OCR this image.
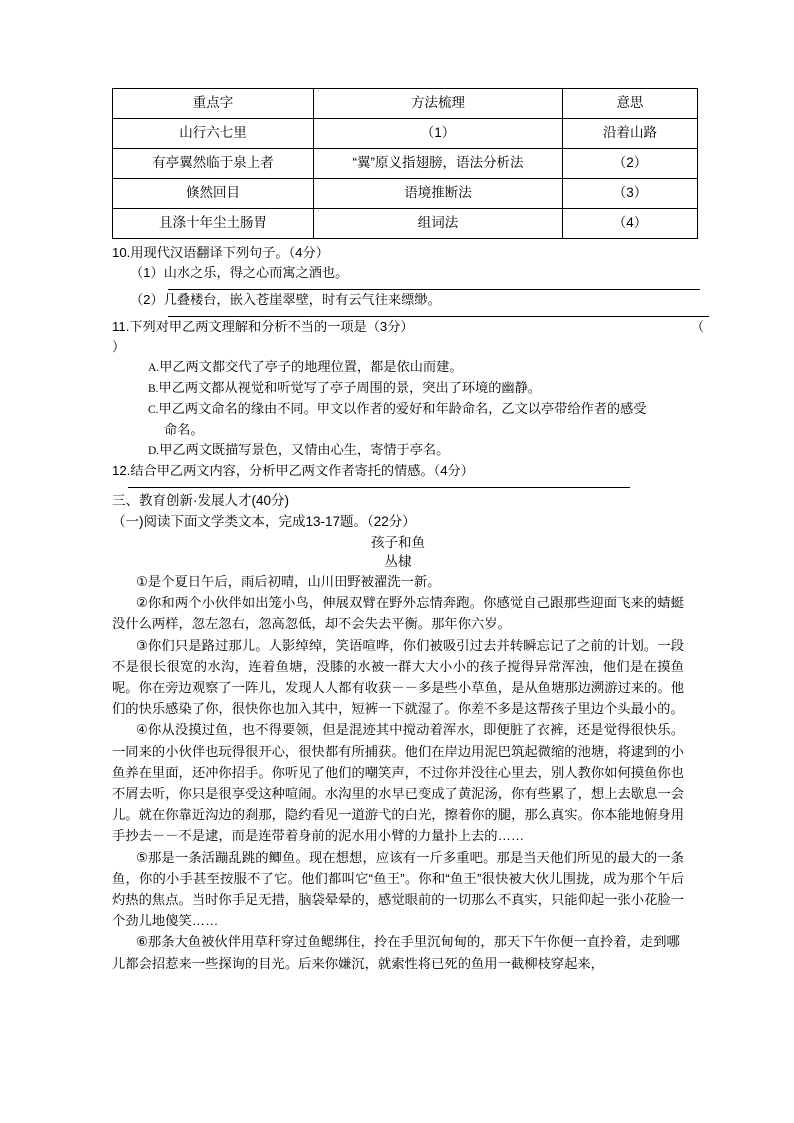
重点字	方法梳理	意思
山行六七里	（1）	沿着山路
有亭翼然临于泉上者	“翼”原义指翅膀，语法分析法	（2）
倏然回目	语境推断法	（3）
且涤十年尘土肠胃	组词法	（4）
10.用现代汉语翻译下列句子。（4分）
（1）山水之乐，得之心而寓之酒也。
（2）几叠楼台，嵌入苍崖翠壁，时有云气往来缥缈。
11.下列对甲乙两文理解和分析不当的一项是（3分）	（
）
A.甲乙两文都交代了亭子的地理位置，都是依山而建。
B.甲乙两文都从视觉和听觉写了亭子周围的景，突出了环境的幽静。
C.甲乙两文命名的缘由不同。甲文以作者的爱好和年龄命名，乙文以亭带给作者的感受
命名。
D.甲乙两文既描写景色，又情由心生，寄情于亭名。
12.结合甲乙两文内容，分析甲乙两文作者寄托的情感。（4分）
三、教育创新·发展人才(40分)
（一)阅读下面文学类文本，完成13-17题。（22分）
孩子和鱼
丛棣
①是个夏日午后，雨后初晴，山川田野被濯洗一新。
②你和两个小伙伴如出笼小鸟，伸展双臂在野外忘情奔跑。你感觉自己跟那些迎面飞来的蜻蜓没什么两样，忽左忽右，忽高忽低，却不会失去平衡。那年你六岁。
③你们只是路过那儿。人影绰绰，笑语喧哗，你们被吸引过去并转瞬忘记了之前的计划。一段不是很长很宽的水沟，连着鱼塘，没膝的水被一群大大小小的孩子搅得异常浑浊，他们是在摸鱼呢。你在旁边观察了一阵儿，发现人人都有收获－－多是些小草鱼，是从鱼塘那边溯游过来的。他们的快乐感染了你，很快你也加入其中，短裤一下就湿了。你差不多是这帮孩子里边个头最小的。
④你从没摸过鱼，也不得要领，但是混迹其中搅动着浑水，即便脏了衣裤，还是觉得很快乐。一同来的小伙伴也玩得很开心，很快都有所捕获。他们在岸边用泥巴筑起微缩的池塘，将逮到的小鱼养在里面，还冲你招手。你听见了他们的嘲笑声，不过你并没往心里去，别人教你如何摸鱼你也不屑去听，你只是很享受这种喧闹。水沟里的水早已变成了黄泥汤，你有些累了，想上去歇息一会儿。就在你靠近沟边的刹那，隐约看见一道游弋的白光，擦着你的腿，那么真实。你本能地俯身用手抄去－－不是逮，而是连带着身前的泥水用小臂的力量扑上去的……
⑤那是一条活蹦乱跳的鲫鱼。现在想想，应该有一斤多重吧。那是当天他们所见的最大的一条鱼，你的小手甚至按服不了它。他们都叫它“鱼王”。你和“鱼王”很快被大伙儿围拢，成为那个午后灼热的焦点。当时你手足无措，脑袋晕晕的，感觉眼前的一切那么不真实，只能仰起一张小花脸一个劲儿地傻笑……
⑥那条大鱼被伙伴用草秆穿过鱼鳃绑住，拎在手里沉甸甸的，那天下午你便一直拎着，走到哪儿都会招惹来一些探询的目光。后来你嫌沉，就索性将已死的鱼用一截柳枝穿起来，
